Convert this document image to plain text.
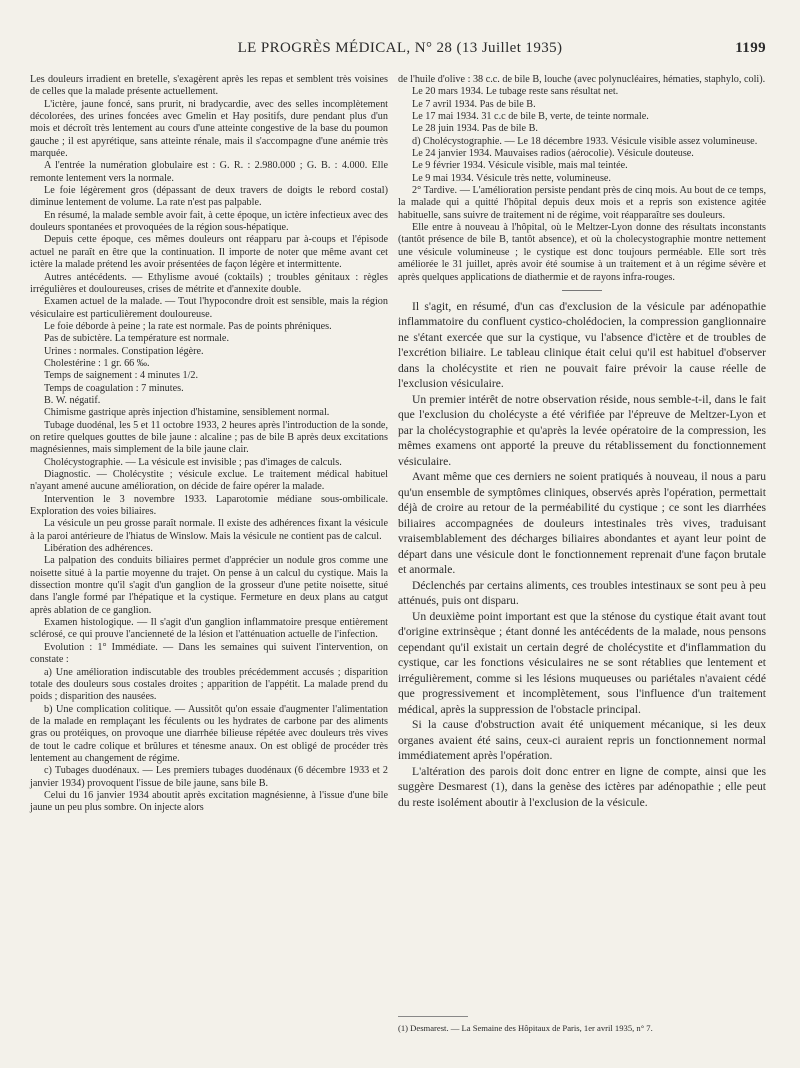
LE PROGRÈS MÉDICAL, N° 28 (13 Juillet 1935)	1199

Les douleurs irradient en bretelle, s'exagèrent après les repas et semblent très voisines de celles que la malade présente actuellement.

L'ictère, jaune foncé, sans prurit, ni bradycardie, avec des selles incomplètement décolorées, des urines foncées avec Gmelin et Hay positifs, dure pendant plus d'un mois et décroît très lentement au cours d'une atteinte congestive de la base du poumon gauche ; il est apyrétique, sans atteinte rénale, mais il s'accompagne d'une anémie très marquée.

A l'entrée la numération globulaire est : G. R. : 2.980.000 ; G. B. : 4.000. Elle remonte lentement vers la normale.

Le foie légèrement gros (dépassant de deux travers de doigts le rebord costal) diminue lentement de volume. La rate n'est pas palpable.

En résumé, la malade semble avoir fait, à cette époque, un ictère infectieux avec des douleurs spontanées et provoquées de la région sous-hépatique.

Depuis cette époque, ces mêmes douleurs ont réapparu par à-coups et l'épisode actuel ne paraît en être que la continuation. Il importe de noter que même avant cet ictère la malade prétend les avoir présentées de façon légère et intermittente.

Autres antécédents. — Ethylisme avoué (coktails) ; troubles génitaux : règles irrégulières et douloureuses, crises de métrite et d'annexite double.

Examen actuel de la malade. — Tout l'hypocondre droit est sensible, mais la région vésiculaire est particulièrement douloureuse.

Le foie déborde à peine ; la rate est normale. Pas de points phréniques.

Pas de subictère. La température est normale.

Urines : normales. Constipation légère.

Cholestérine : 1 gr. 66 ‰.

Temps de saignement : 4 minutes 1/2.

Temps de coagulation : 7 minutes.

B. W. négatif.

Chimisme gastrique après injection d'histamine, sensiblement normal.

Tubage duodénal, les 5 et 11 octobre 1933, 2 heures après l'introduction de la sonde, on retire quelques gouttes de bile jaune : alcaline ; pas de bile B après deux excitations magnésiennes, mais simplement de la bile jaune clair.

Cholécystographie. — La vésicule est invisible ; pas d'images de calculs.

Diagnostic. — Cholécystite ; vésicule exclue. Le traitement médical habituel n'ayant amené aucune amélioration, on décide de faire opérer la malade.

Intervention le 3 novembre 1933. Laparotomie médiane sous-ombilicale. Exploration des voies biliaires.

La vésicule un peu grosse paraît normale. Il existe des adhérences fixant la vésicule à la paroi antérieure de l'hiatus de Winslow. Mais la vésicule ne contient pas de calcul.

Libération des adhérences.

La palpation des conduits biliaires permet d'apprécier un nodule gros comme une noisette situé à la partie moyenne du trajet. On pense à un calcul du cystique. Mais la dissection montre qu'il s'agit d'un ganglion de la grosseur d'une petite noisette, situé dans l'angle formé par l'hépatique et la cystique. Fermeture en deux plans au catgut après ablation de ce ganglion.

Examen histologique. — Il s'agit d'un ganglion inflammatoire presque entièrement sclérosé, ce qui prouve l'ancienneté de la lésion et l'atténuation actuelle de l'infection.

Evolution : 1° Immédiate. — Dans les semaines qui suivent l'intervention, on constate :

a) Une amélioration indiscutable des troubles précédemment accusés ; disparition totale des douleurs sous costales droites ; apparition de l'appétit. La malade prend du poids ; disparition des nausées.

b) Une complication colitique. — Aussitôt qu'on essaie d'augmenter l'alimentation de la malade en remplaçant les féculents ou les hydrates de carbone par des aliments gras ou protéiques, on provoque une diarrhée bilieuse répétée avec douleurs très vives de tout le cadre colique et brûlures et ténesme anaux. On est obligé de procéder très lentement au changement de régime.

c) Tubages duodénaux. — Les premiers tubages duodénaux (6 décembre 1933 et 2 janvier 1934) provoquent l'issue de bile jaune, sans bile B.

Celui du 16 janvier 1934 aboutit après excitation magnésienne, à l'issue d'une bile jaune un peu plus sombre. On injecte alors

de l'huile d'olive : 38 c.c. de bile B, louche (avec polynucléaires, hématies, staphylo, coli).

Le 20 mars 1934. Le tubage reste sans résultat net.

Le 7 avril 1934. Pas de bile B.

Le 17 mai 1934. 31 c.c de bile B, verte, de teinte normale.

Le 28 juin 1934. Pas de bile B.

d) Cholécystographie. — Le 18 décembre 1933. Vésicule visible assez volumineuse.

Le 24 janvier 1934. Mauvaises radios (aérocolie). Vésicule douteuse.

Le 9 février 1934. Vésicule visible, mais mal teintée.

Le 9 mai 1934. Vésicule très nette, volumineuse.

2° Tardive. — L'amélioration persiste pendant près de cinq mois. Au bout de ce temps, la malade qui a quitté l'hôpital depuis deux mois et a repris son existence agitée habituelle, sans suivre de traitement ni de régime, voit réapparaître ses douleurs.

Elle entre à nouveau à l'hôpital, où le Meltzer-Lyon donne des résultats inconstants (tantôt présence de bile B, tantôt absence), et où la cholecystographie montre nettement une vésicule volumineuse ; le cystique est donc toujours perméable. Elle sort très améliorée le 31 juillet, après avoir été soumise à un traitement et à un régime sévère et après quelques applications de diathermie et de rayons infra-rouges.

Il s'agit, en résumé, d'un cas d'exclusion de la vésicule par adénopathie inflammatoire du confluent cystico-cholédocien, la compression ganglionnaire ne s'étant exercée que sur la cystique, vu l'absence d'ictère et de troubles de l'excrétion biliaire. Le tableau clinique était celui qu'il est habituel d'observer dans la cholécystite et rien ne pouvait faire prévoir la cause réelle de l'exclusion vésiculaire.

Un premier intérêt de notre observation réside, nous semble-t-il, dans le fait que l'exclusion du cholécyste a été vérifiée par l'épreuve de Meltzer-Lyon et par la cholécystographie et qu'après la levée opératoire de la compression, les mêmes examens ont apporté la preuve du rétablissement du fonctionnement vésiculaire.

Avant même que ces derniers ne soient pratiqués à nouveau, il nous a paru qu'un ensemble de symptômes cliniques, observés après l'opération, permettait déjà de croire au retour de la perméabilité du cystique ; ce sont les diarrhées biliaires accompagnées de douleurs intestinales très vives, traduisant vraisemblablement des décharges biliaires abondantes et ayant leur point de départ dans une vésicule dont le fonctionnement reprenait d'une façon brutale et anormale.

Déclenchés par certains aliments, ces troubles intestinaux se sont peu à peu atténués, puis ont disparu.

Un deuxième point important est que la sténose du cystique était avant tout d'origine extrinsèque ; étant donné les antécédents de la malade, nous pensons cependant qu'il existait un certain degré de cholécystite et d'inflammation du cystique, car les fonctions vésiculaires ne se sont rétablies que lentement et irrégulièrement, comme si les lésions muqueuses ou pariétales n'avaient cédé que progressivement et incomplètement, sous l'influence d'un traitement médical, après la suppression de l'obstacle principal.

Si la cause d'obstruction avait été uniquement mécanique, si les deux organes avaient été sains, ceux-ci auraient repris un fonctionnement normal immédiatement après l'opération.

L'altération des parois doit donc entrer en ligne de compte, ainsi que les suggère Desmarest (1), dans la genèse des ictères par adénopathie ; elle peut du reste isolément aboutir à l'exclusion de la vésicule.

(1) Desmarest. — La Semaine des Hôpitaux de Paris, 1er avril 1935, n° 7.
